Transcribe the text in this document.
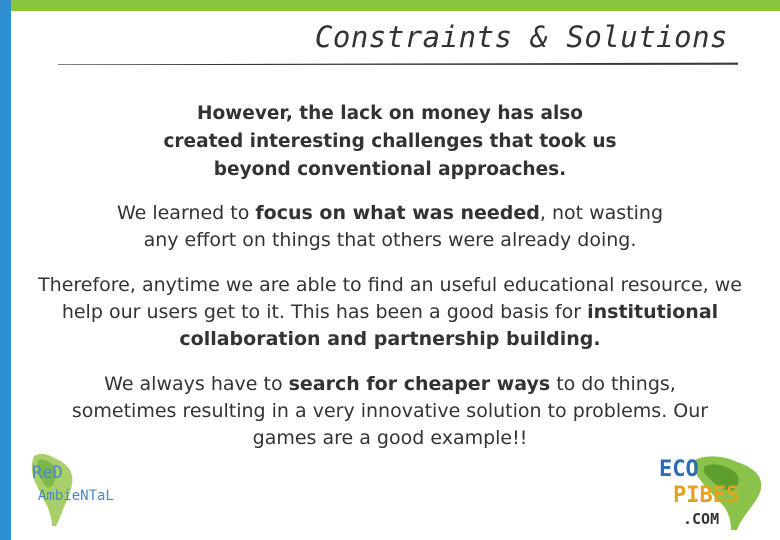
Constraints & Solutions

However, the lack on money has also
created interesting challenges that took us
beyond conventional approaches.

We learned to focus on what was needed, not wasting any effort on things that others were already doing.

Therefore, anytime we are able to find an useful educational resource, we help our users get to it. This has been a good basis for institutional collaboration and partnership building.

We always have to search for cheaper ways to do things, sometimes resulting in a very innovative solution to problems. Our games are a good example!!

ReD
AmbieNTaL
ECO
PIBES
.COM
